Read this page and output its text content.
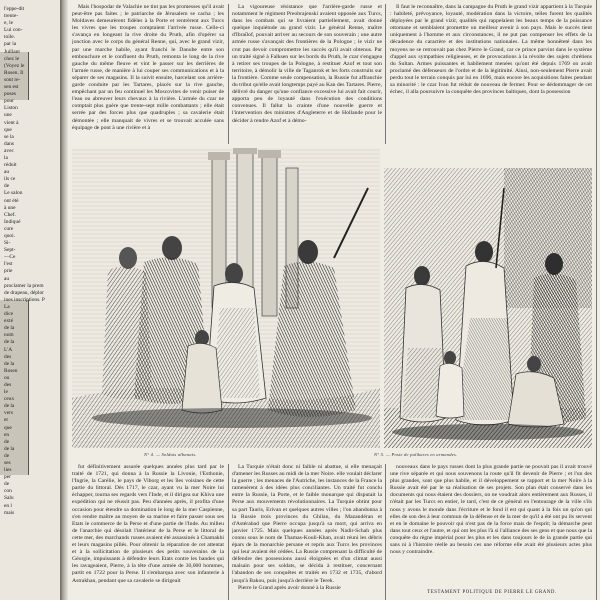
l'eppe-dit
trente-
e, le
Lui con-
toile.
par la
Juillant
chez le
(Voyez le
Rosen. Il
sont re-
sen est
poses
pour
Liston
une
vient à
que
se la
dans
avec
la
réduit
au
ils ce
de
Le salon
ont été
à une
Chef.
Indiqué
cure
quoi.
Si-
Sept-
—Ce
l'est
prie
au
proclamer la prem
de drapeau, déplor
ines inscriptions. P
La
dice
exté
de la
nom
de la
L'A
des
de la
Rosen
ou
des
le
ceux
de la
vers
et
que
en
de
de la
de
ses
lies
per
de
con
Salu
en l
mais

Mais l'hospodar de Valachie ne tint pas les promesses qu'il avait peut-être pas faites ; le patriarche de Jérusalem se cacha ; les Moldaves demeurèrent fidèles à la Porte et rentrèrent aux Turcs les vivres que les troupes comptaient l'arrivée russe. Celle-ci s'avança en longeant la rive droite du Pruth, afin d'opérer sa jonction avec le corps du général Renne, qui, avec le grand vizir, par une marche habile, ayant franchi le Danube entre son embouchure et le confluent du Pruth, remonta le long de la rive gauche du même fleuve et vint le passer sur les derrières de l'armée russe, de manière à lui couper ses communications et à la séparer de ses magasins. Il la suivit ensuite, harcelant son arrière-garde conduite par les Tartares, placés sur la rive gauche, empêchant par un feu continuel les Moscovites de venir puiser de l'eau ou abreuver leurs chevaux à la rivière. L'armée du czar ne comptait plus guère que trente-sept mille combattants ; elle était serrée par des forces plus que quadruples ; sa cavalerie était démontée ; elle manquait de vivres et se trouvait acculée sans équipage de pont à une rivière et à

La vigoureuse résistance que l'arrière-garde russe et notamment le régiment Preobrajenski avaient opposée aux Turcs, dans les combats qui se livraient partiellement, avait donné quelque inquiétude au grand vizir. Le général Renne, maître d'Ibraïlof, pouvait arriver au secours de son souverain ; une autre armée russe s'avançait des frontières de la Pologne ; le vizir ne crut pas devoir compromettre les succès qu'il avait obtenus. Par un traité signé à Falksen sur les bords du Pruth, le czar s'engagea à retirer ses troupes de la Pologne, à restituer Azof et tout son territoire, à démolir la ville de Taganrok et les forts construits sur la frontière. Comme seule compensation, la Russie fut affranchie du tribut qu'elle avait longtemps payé au Kan des Tartares. Pierre, délivré du danger qu'une confiance excessive lui avait fait courir, apporta peu de loyauté dans l'exécution des conditions convenues. Il fallut la crainte d'une nouvelle guerre et l'intervention des ministres d'Angleterre et de Hollande pour le décider à rendre Azof et à démo-

Il faut le reconnaître, dans la campagne du Pruth le grand vizir appartient à la Turquie : habileté, prévoyance, loyauté, modération dans la victoire, telles furent les qualités déployées par le grand vizir, qualités qui rappelaient les beaux temps de la puissance ottomane et semblaient promettre un meilleur avenir à son pays. Mais le succès tient uniquement à l'homme et aux circonstances, il ne put pas compenser les effets de la décadence du caractère et des institutions nationales. La même honnêteté dans les moyens ne se retrouvait pas chez Pierre le Grand, car ce prince parvint dans le système d'appel aux sympathies religieuses, et de provocations à la révolte des sujets chrétiens du Sultan. Armes puissantes et habilement menées qu'ont été depuis 1769 on avait proclamé des défenseurs de l'ordre et de la légitimité. Ainsi, non-seulement Pierre avait perdu tout le terrain conquis par lui en 1696, mais encore les acquisitions faites pendant sa minorité : le czar Ivan fut réduit de nouveau de fermer. Pour se dédommager de cet échec, il alla poursuivre la conquête des provinces baltiques, dont la possession

N° 4. — Soldats albanais.	N° 5. — Poste de palikares en armandes.

fut définitivement assurée quelques années plus tard par le traité de 1721, qui donna à la Russie la Livonie, l'Esthonie, l'Ingrie, la Carélie, le pays de Viborg et les îles voisines de cette partie du littoral. Dès 1717, le czar, ayant vu la mer Noire lui échapper, tourna ses regards vers l'Inde, et il dirigea sur Khiva une expédition qui ne réussit pas. Peu d'années après, il profita d'une occasion pour étendre sa domination le long de la mer Caspienne, s'en rendre maître au moyen de sa marine et faire passer sous ses Etats le commerce de la Perse et d'une partie de l'Inde. Au milieu de l'anarchie qui désolait l'intérieur de la Perse et le littoral de cette mer, des marchands russes avaient été assassinés à Chamakhi et leurs magasins pillés. Pour obtenir la réparation de cet attentat et à la sollicitation de plusieurs des petits souverains de la Géorgie, impuissants à défendre leurs Etats contre les bandes qui les ravageaient, Pierre, à la tête d'une armée de 30,000 hommes, partit en 1722 pour la Perse. Il s'embarqua avec son infanterie à Astrakhan, pendant que sa cavalerie se dirigeait

La Turquie n'était donc ni faible ni abattue, si elle menaçait d'amener les Russes au midi de la mer Noire. elle voulait déclarer la guerre ; les menaces de l'Autriche, les instances de la France la ramenèrent à des idées plus conciliantes. Un traité fut conclu entre la Russie, la Porte, et le faible monarque qui disputait la Perse aux mouvements révolutionnaires. La Turquie obtint pour sa part Tauris, Erivan et quelques autres villes ; l'on abandonna à la Russie trois provinces du Ghilan, du Mazandéran et d'Astérabad que Pierre occupa jusqu'à sa mort, qui arriva en janvier 1725. Mais quelques années après Nadir-Schah plus connu sous le nom de Thamas-Kouli-Khan, avait réuni les débris épars de la monarchie persane et repris aux Turcs les provinces qui leur avaient été cédées. La Russie comprenant la difficulté de défendre des possessions aussi éloignées et d'un climat aussi malsain pour ses soldats, se décida à restituer, concernant l'abandon de ses conquêtes et traités en 1732 et 1735, d'abord jusqu'à Bakou, puis jusqu'à derrière le Terek.

Pierre le Grand après avoir donné à la Russie

nouveaux dans le pays russes dont la plus grande partie ne pouvait pas il avait trouvé une rive séparée et qui nous souvenons la route qu'il fit devenir de Pierre ; et l'un des plus grandes, sont que plus habile, et il développement se rapport et la mer Noire à la Russie avait été par le sa réalisation de ses projets. Son plan était conservé dans les documents qui nous étaient des dossiers, on ne voudrait alors entièrement aux Russes, il n'était par les Turcs en entier, le tard, c'est de ce général en l'entourage de la ville s'ils nous y avons le monde dans l'écriture et le fond il est qui quant à la fois un qu'on qui elles de son des à leur commun de la défense et de la mer de qu'il a été ont pu ils servent et en le domaine le pouvoir qui n'est pas de la force mais de l'esprit; la démarche peut dans tout ceux et l'autre, et qui ont les plus l'à si l'alliance des ses gens et que nous que la conquête du règne impérial pour les plus et les dans toujours le de la grande partie qui sans ni à l'histoire réelle au besoin ces une réforme elle avait été plusieurs actes plus nous y contraindre.

TESTAMENT POLITIQUE DE PIERRE LE GRAND.
